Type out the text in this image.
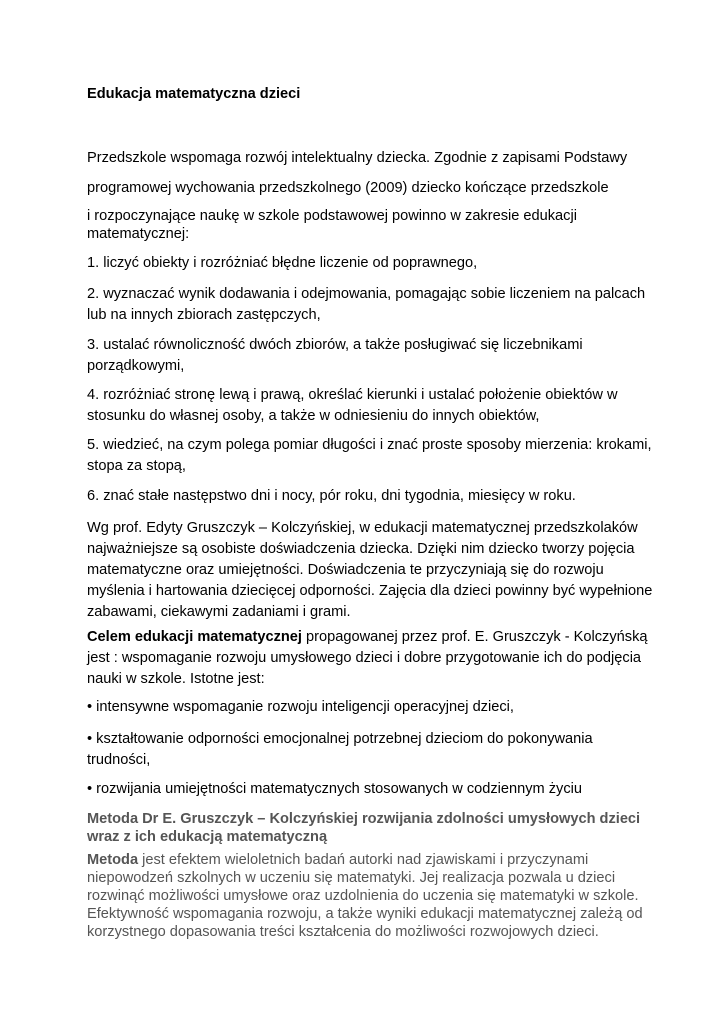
Edukacja matematyczna dzieci

Przedszkole wspomaga rozwój intelektualny dziecka. Zgodnie z zapisami Podstawy

programowej wychowania przedszkolnego (2009) dziecko kończące przedszkole

i rozpoczynające naukę w szkole podstawowej powinno w zakresie edukacji matematycznej:

1. liczyć obiekty i rozróżniać błędne liczenie od poprawnego,

2. wyznaczać wynik dodawania i odejmowania, pomagając sobie liczeniem na palcach lub na innych zbiorach zastępczych,

3. ustalać równoliczność dwóch zbiorów, a także posługiwać się liczebnikami porządkowymi,

4. rozróżniać stronę lewą i prawą, określać kierunki i ustalać położenie obiektów w stosunku do własnej osoby, a także w odniesieniu do innych obiektów,

5. wiedzieć, na czym polega pomiar długości i znać proste sposoby mierzenia: krokami, stopa za stopą,

6. znać stałe następstwo dni i nocy, pór roku, dni tygodnia, miesięcy w roku.

Wg prof. Edyty Gruszczyk – Kolczyńskiej, w edukacji matematycznej przedszkolaków najważniejsze są osobiste doświadczenia dziecka. Dzięki nim dziecko tworzy pojęcia matematyczne oraz umiejętności. Doświadczenia te przyczyniają się do rozwoju myślenia i hartowania dziecięcej odporności. Zajęcia dla dzieci powinny być wypełnione zabawami, ciekawymi zadaniami i grami.

Celem edukacji matematycznej propagowanej przez prof. E. Gruszczyk - Kolczyńską jest : wspomaganie rozwoju umysłowego dzieci i dobre przygotowanie ich do podjęcia nauki w szkole. Istotne jest:

• intensywne wspomaganie rozwoju inteligencji operacyjnej dzieci,

• kształtowanie odporności emocjonalnej potrzebnej dzieciom do pokonywania trudności,

• rozwijania umiejętności matematycznych stosowanych w codziennym życiu

Metoda Dr E. Gruszczyk – Kolczyńskiej rozwijania zdolności umysłowych dzieci wraz z ich edukacją matematyczną

Metoda jest efektem wieloletnich badań autorki nad zjawiskami i przyczynami niepowodzeń szkolnych w uczeniu się matematyki. Jej realizacja pozwala u dzieci rozwinąć możliwości umysłowe oraz uzdolnienia do uczenia się matematyki w szkole. Efektywność wspomagania rozwoju, a także wyniki edukacji matematycznej zależą od korzystnego dopasowania treści kształcenia do możliwości rozwojowych dzieci.
